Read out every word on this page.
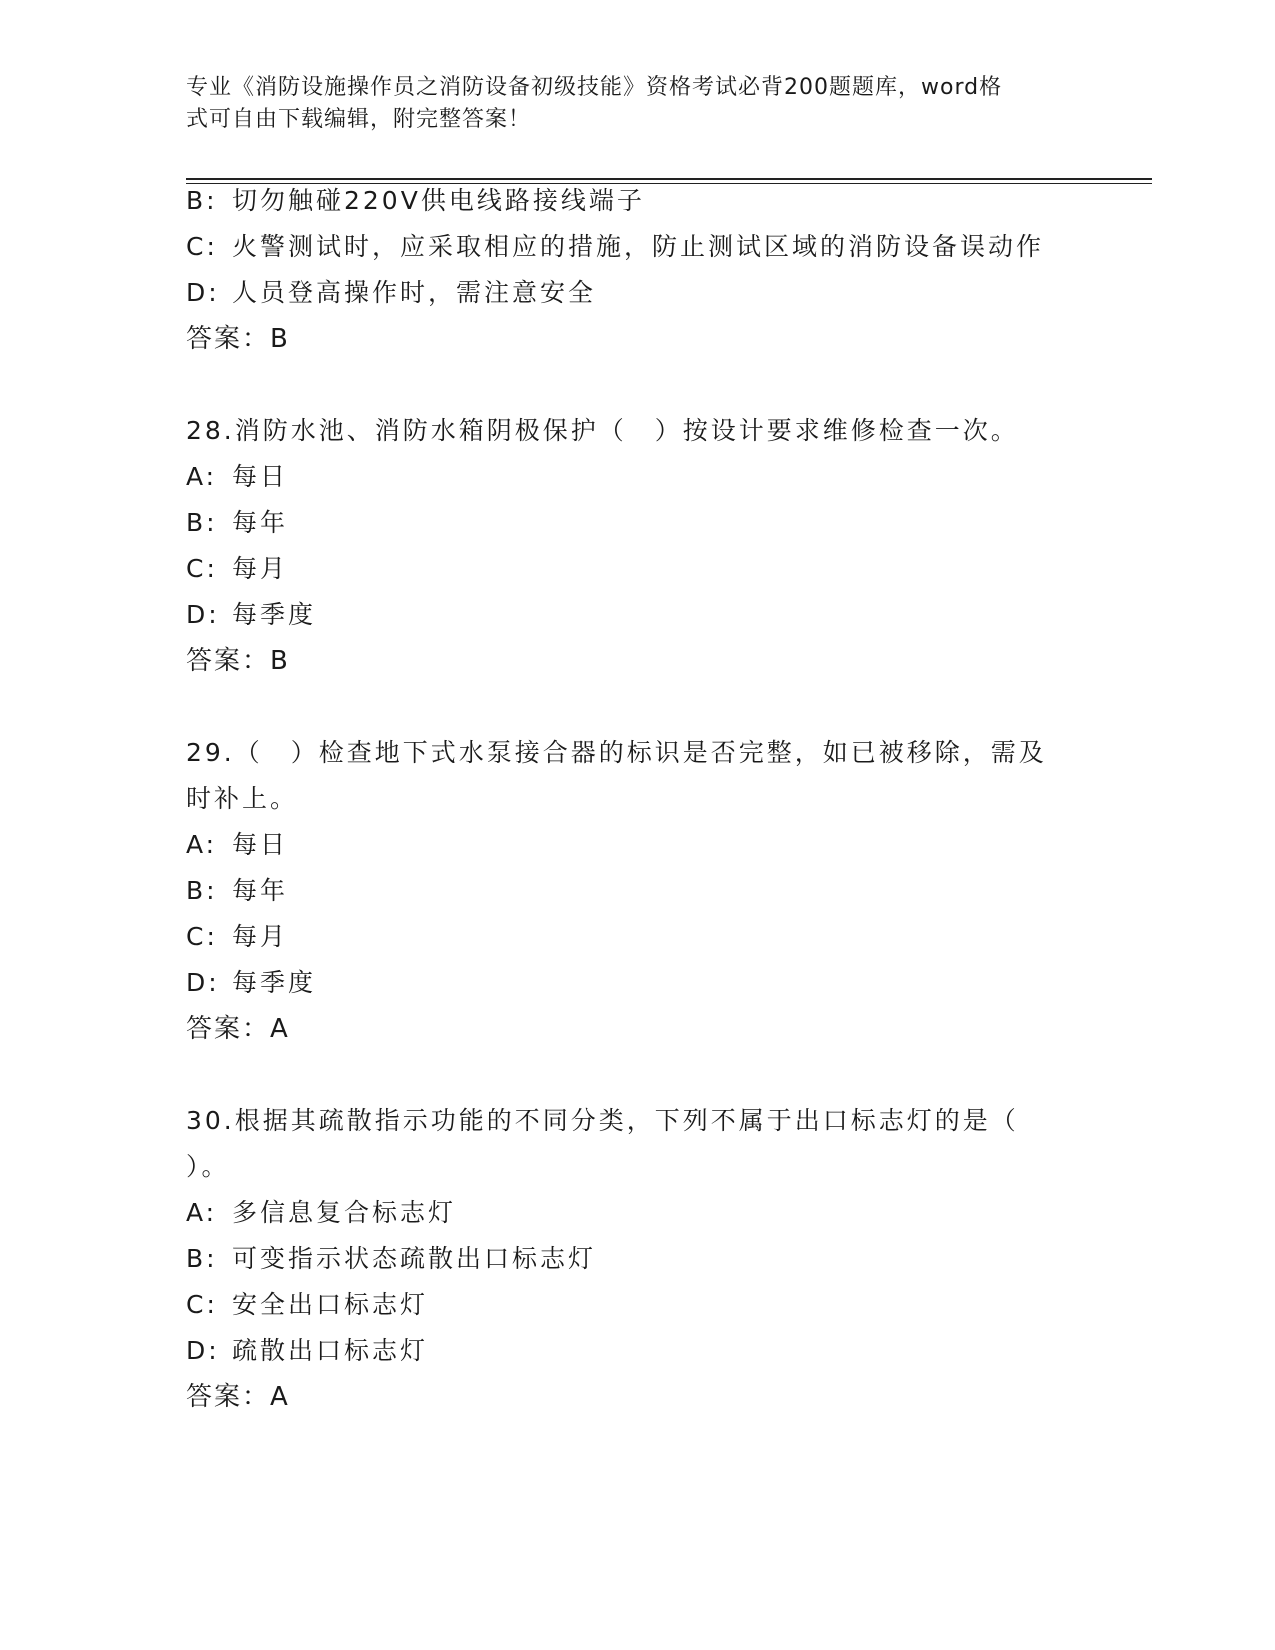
专业《消防设施操作员之消防设备初级技能》资格考试必背200题题库，word格
式可自由下载编辑，附完整答案！
B: 切勿触碰220V供电线路接线端子
C: 火警测试时，应采取相应的措施，防止测试区域的消防设备误动作
D: 人员登高操作时，需注意安全
答案：B
28.消防水池、消防水箱阴极保护（　）按设计要求维修检查一次。
A: 每日
B: 每年
C: 每月
D: 每季度
答案：B
29.（　）检查地下式水泵接合器的标识是否完整，如已被移除，需及
时补上。
A: 每日
B: 每年
C: 每月
D: 每季度
答案：A
30.根据其疏散指示功能的不同分类，下列不属于出口标志灯的是（
）。
A: 多信息复合标志灯
B: 可变指示状态疏散出口标志灯
C: 安全出口标志灯
D: 疏散出口标志灯
答案：A
